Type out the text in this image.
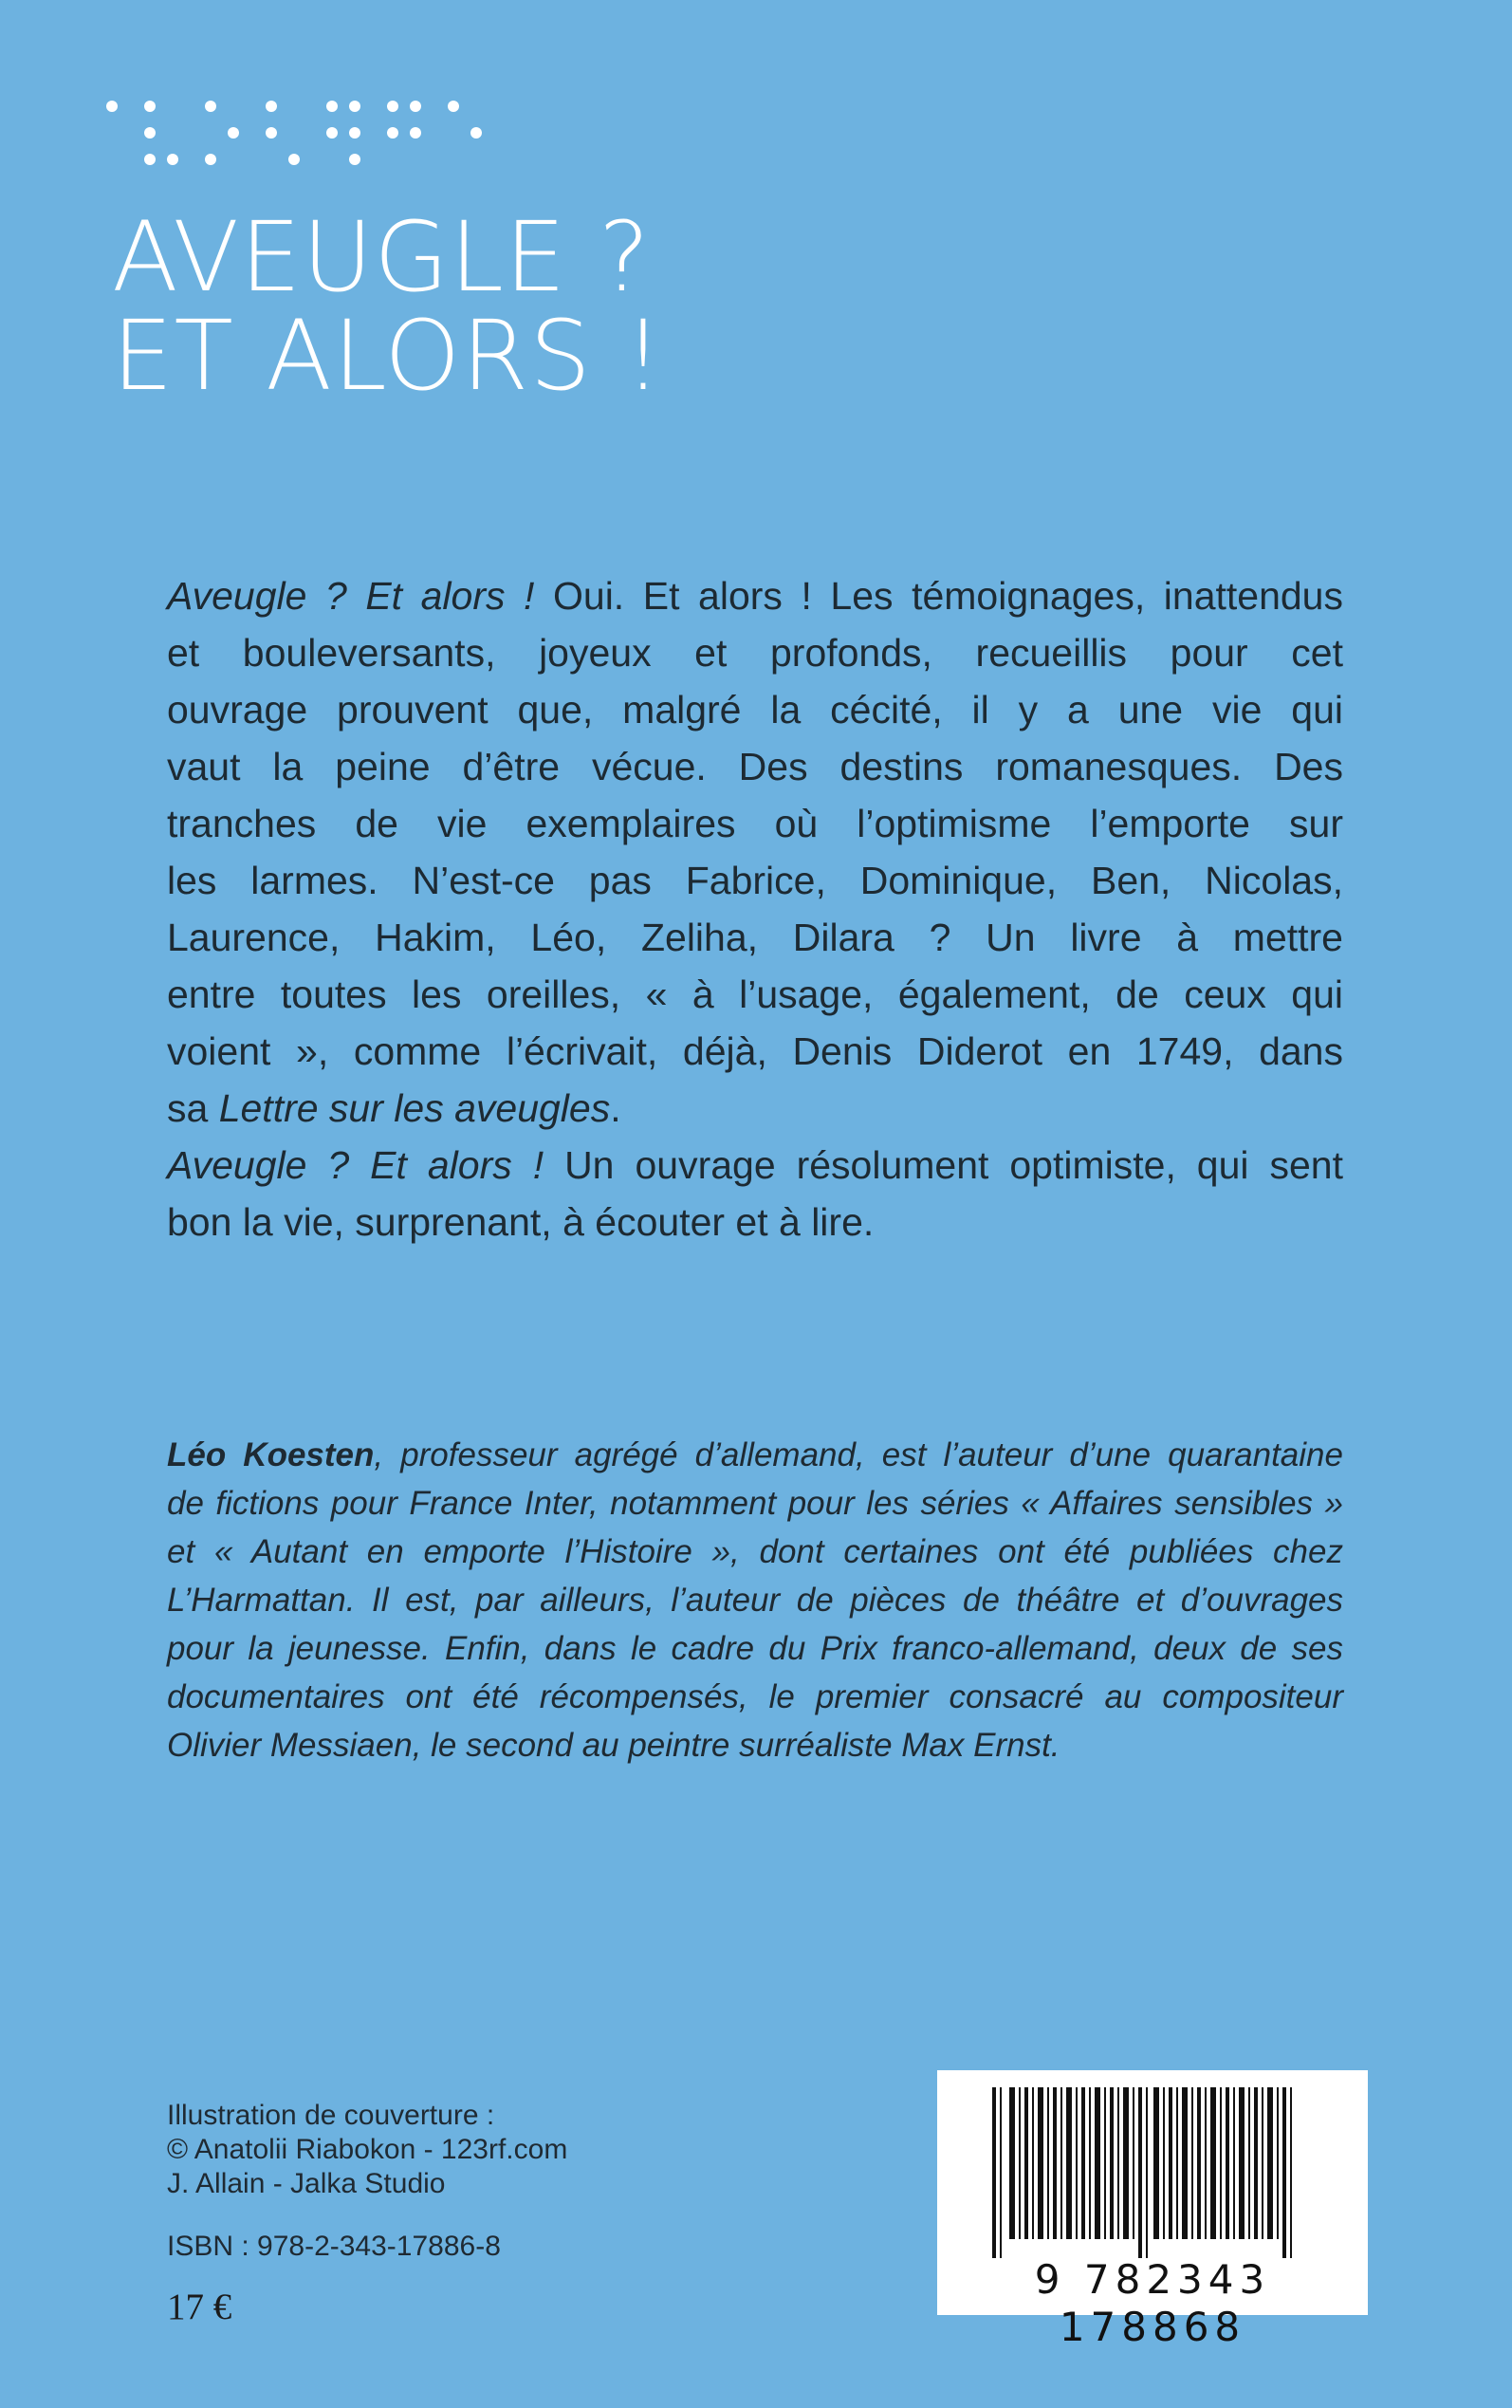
AVEUGLE ?
ET ALORS !
Aveugle ? Et alors ! Oui. Et alors ! Les témoignages, inattendus
et bouleversants, joyeux et profonds, recueillis pour cet
ouvrage prouvent que, malgré la cécité, il y a une vie qui
vaut la peine d’être vécue. Des destins romanesques. Des
tranches de vie exemplaires où l’optimisme l’emporte sur
les larmes. N’est-ce pas Fabrice, Dominique, Ben, Nicolas,
Laurence, Hakim, Léo, Zeliha, Dilara ? Un livre à mettre
entre toutes les oreilles, « à l’usage, également, de ceux qui
voient », comme l’écrivait, déjà, Denis Diderot en 1749, dans
sa Lettre sur les aveugles.
Aveugle ? Et alors ! Un ouvrage résolument optimiste, qui sent
bon la vie, surprenant, à écouter et à lire.
Léo Koesten, professeur agrégé d’allemand, est l’auteur d’une quarantaine
de fictions pour France Inter, notamment pour les séries « Affaires sensibles »
et « Autant en emporte l’Histoire », dont certaines ont été publiées chez
L’Harmattan. Il est, par ailleurs, l’auteur de pièces de théâtre et d’ouvrages
pour la jeunesse. Enfin, dans le cadre du Prix franco-allemand, deux de ses
documentaires ont été récompensés, le premier consacré au compositeur
Olivier Messiaen, le second au peintre surréaliste Max Ernst.
Illustration de couverture :
© Anatolii Riabokon - 123rf.com
J. Allain - Jalka Studio
ISBN : 978-2-343-17886-8
17 €
9 782343 178868
